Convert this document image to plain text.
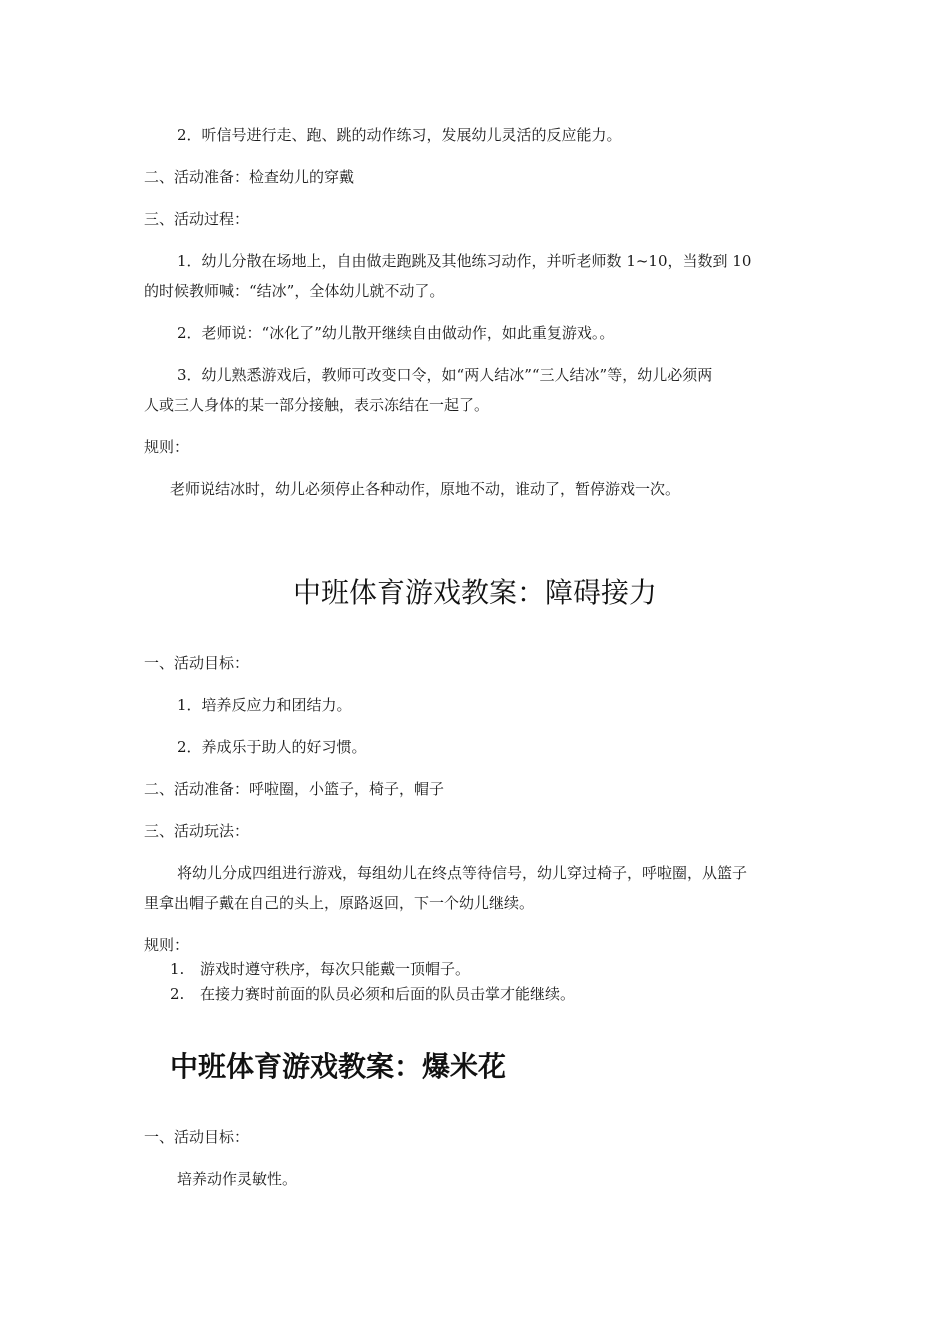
2．听信号进行走、跑、跳的动作练习，发展幼儿灵活的反应能力。
二、活动准备：检查幼儿的穿戴
三、活动过程：
1．幼儿分散在场地上，自由做走跑跳及其他练习动作，并听老师数 1~10，当数到 10
的时候教师喊：“结冰”，全体幼儿就不动了。
2．老师说：“冰化了”幼儿散开继续自由做动作，如此重复游戏。。
3．幼儿熟悉游戏后，教师可改变口令，如“两人结冰”“三人结冰”等，幼儿必须两
人或三人身体的某一部分接触，表示冻结在一起了。
规则：
老师说结冰时，幼儿必须停止各种动作，原地不动，谁动了，暂停游戏一次。
中班体育游戏教案：障碍接力
一、活动目标：
1．培养反应力和团结力。
2．养成乐于助人的好习惯。
二、活动准备：呼啦圈，小篮子，椅子，帽子
三、活动玩法：
将幼儿分成四组进行游戏，每组幼儿在终点等待信号，幼儿穿过椅子，呼啦圈，从篮子
里拿出帽子戴在自己的头上，原路返回，下一个幼儿继续。
规则：
1. 游戏时遵守秩序，每次只能戴一顶帽子。
2. 在接力赛时前面的队员必须和后面的队员击掌才能继续。
中班体育游戏教案：爆米花
一、活动目标：
培养动作灵敏性。
